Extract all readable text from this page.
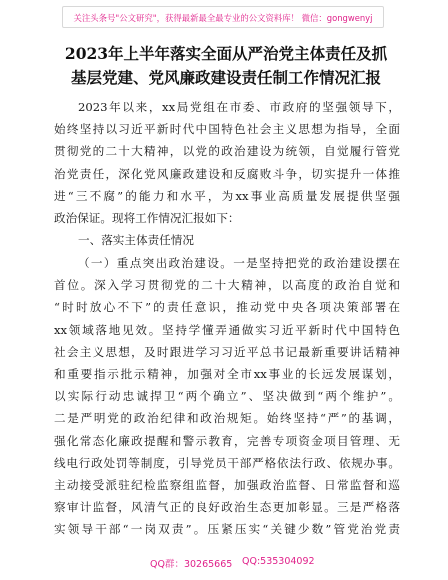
关注头条号"公文研究"，获得最新最全最专业的公文资料库！ 微信：gongwenyj
2023年上半年落实全面从严治党主体责任及抓
基层党建、党风廉政建设责任制工作情况汇报
2023年以来，xx局党组在市委、市政府的坚强领导下，
始终坚持以习近平新时代中国特色社会主义思想为指导，全面
贯彻党的二十大精神，以党的政治建设为统领，自觉履行管党
治党责任，深化党风廉政建设和反腐败斗争，切实提升一体推
进“三不腐”的能力和水平，为xx事业高质量发展提供坚强
政治保证。现将工作情况汇报如下：
一、落实主体责任情况
（一）重点突出政治建设。一是坚持把党的政治建设摆在
首位。深入学习贯彻党的二十大精神，以高度的政治自觉和
“时时放心不下”的责任意识，推动党中央各项决策部署在
xx领域落地见效。坚持学懂弄通做实习近平新时代中国特色
社会主义思想，及时跟进学习习近平总书记最新重要讲话精神
和重要指示批示精神，加强对全市xx事业的长远发展谋划，
以实际行动忠诚捍卫“两个确立”、坚决做到“两个维护”。
二是严明党的政治纪律和政治规矩。始终坚持“严”的基调，
强化常态化廉政提醒和警示教育，完善专项资金项目管理、无
线电行政处罚等制度，引导党员干部严格依法行政、依规办事。
主动接受派驻纪检监察组监督，加强政治监督、日常监督和巡
察审计监督，风清气正的良好政治生态更加彰显。三是严格落
实领导干部“一岗双责”。压紧压实“关键少数”管党治党责
QQ群：30265665 QQ:535304092
